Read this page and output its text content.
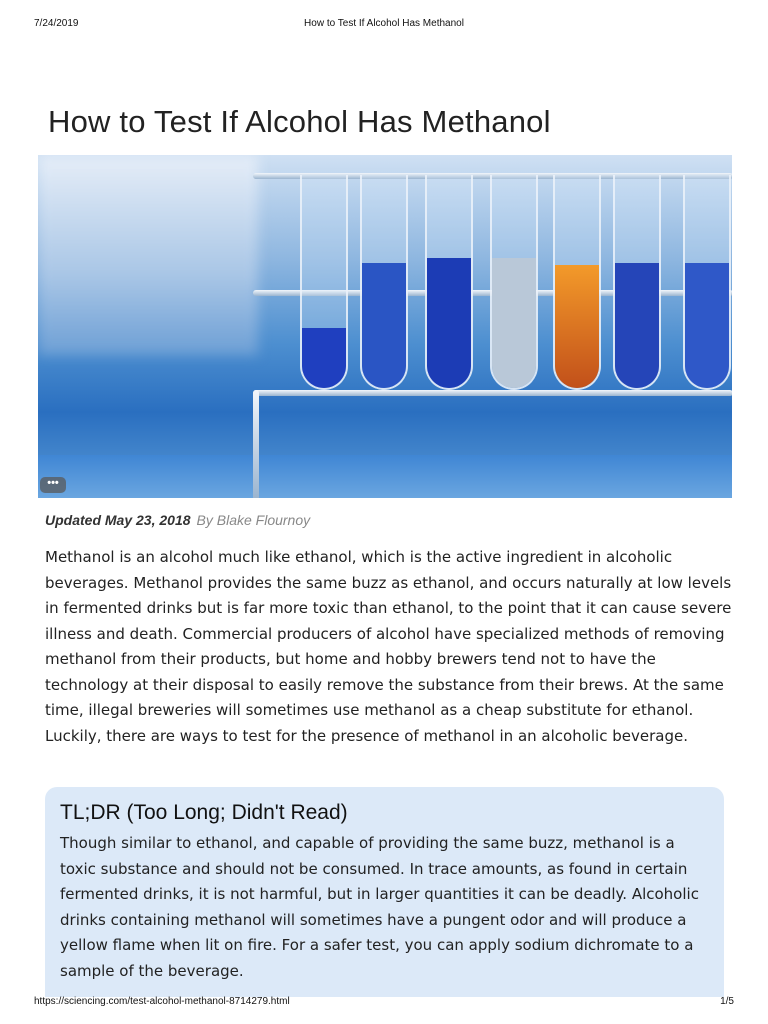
7/24/2019	How to Test If Alcohol Has Methanol
How to Test If Alcohol Has Methanol
•••
Updated May 23, 2018 By Blake Flournoy

Methanol is an alcohol much like ethanol, which is the active ingredient in alcoholic beverages. Methanol provides the same buzz as ethanol, and occurs naturally at low levels in fermented drinks but is far more toxic than ethanol, to the point that it can cause severe illness and death. Commercial producers of alcohol have specialized methods of removing methanol from their products, but home and hobby brewers tend not to have the technology at their disposal to easily remove the substance from their brews. At the same time, illegal breweries will sometimes use methanol as a cheap substitute for ethanol. Luckily, there are ways to test for the presence of methanol in an alcoholic beverage.

TL;DR (Too Long; Didn't Read)

Though similar to ethanol, and capable of providing the same buzz, methanol is a toxic substance and should not be consumed. In trace amounts, as found in certain fermented drinks, it is not harmful, but in larger quantities it can be deadly. Alcoholic drinks containing methanol will sometimes have a pungent odor and will produce a yellow flame when lit on fire. For a safer test, you can apply sodium dichromate to a sample of the beverage.

https://sciencing.com/test-alcohol-methanol-8714279.html	1/5
